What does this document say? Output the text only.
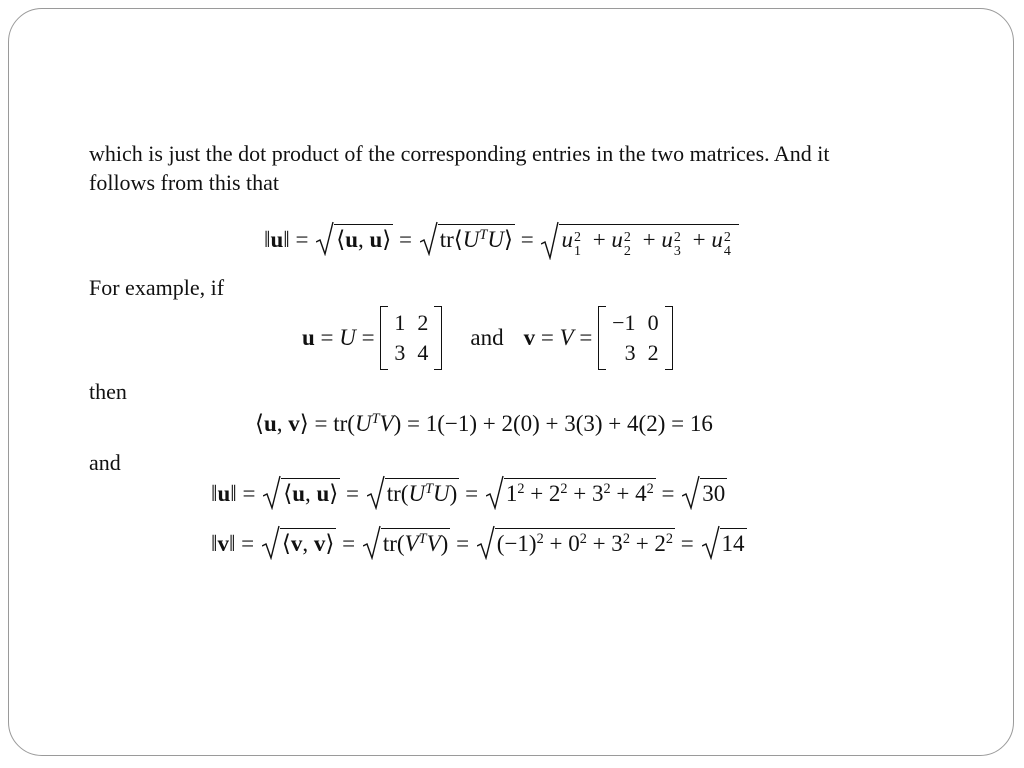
which is just the dot product of the corresponding entries in the two matrices. And it
follows from this that
‖u‖ =
⟨u, u⟩ =
$tr⟨U^TU⟩$ =
u 2
1 + u 2
2 + u 2
3 + u 2
4
For example, if
u = U =
1	2
3	4
and v = V =
−1	0
3	2
then
⟨u, v⟩ = $tr(U^TV) = 1(-1) + 2(0) + 3(3) + 4(2) = 16$
and
‖u‖ =
⟨u, u⟩ =
$tr(U^TU)$ =
$1^2 + 2^2 + 3^2 + 4^2$ =
30
‖v‖ =
⟨v, v⟩ =
$tr(V^TV)$ =
$(-1)^2 + 0^2 + 3^2 + 2^2$ =
14
